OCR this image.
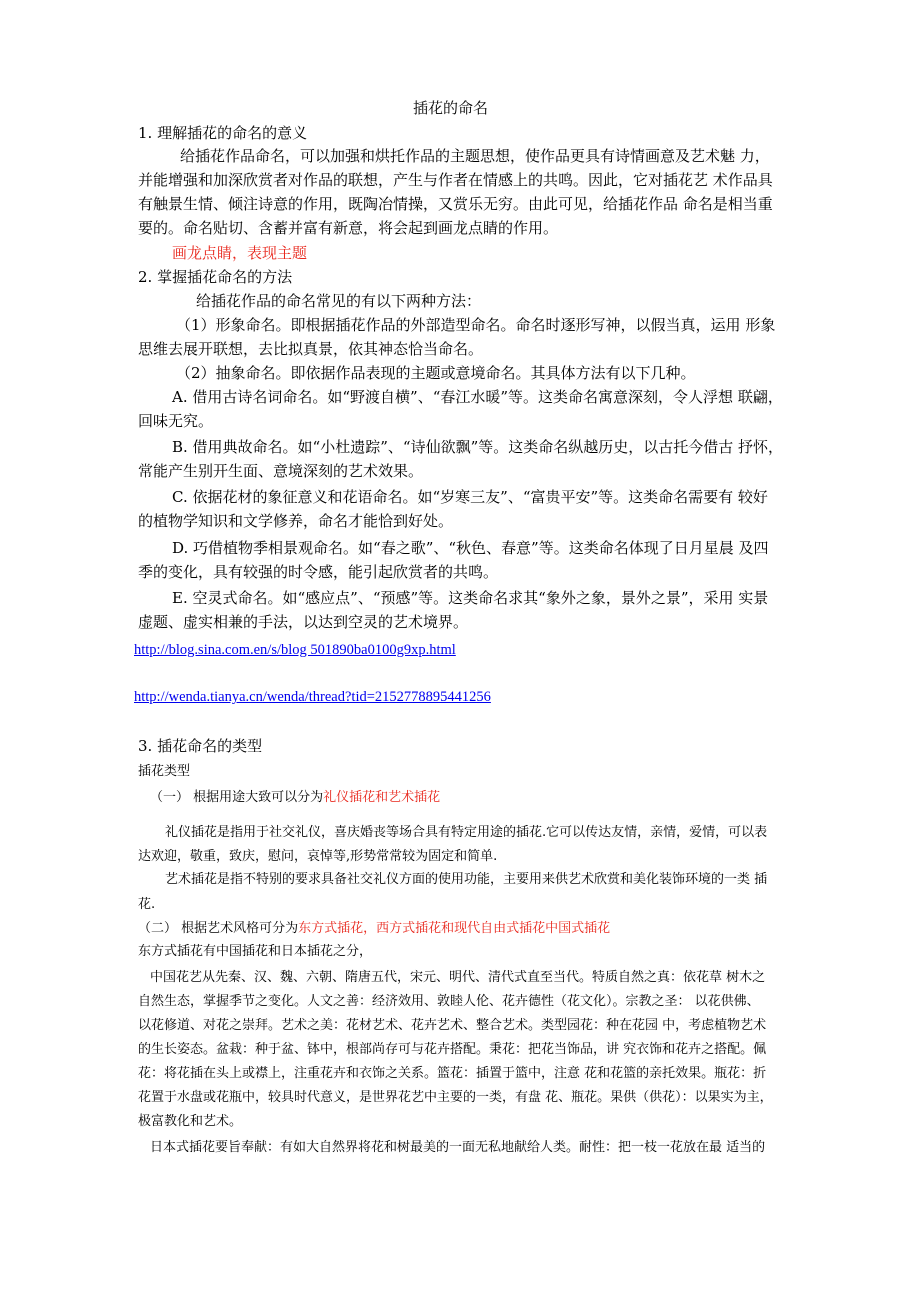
插花的命名
1. 理解插花的命名的意义
给插花作品命名，可以加强和烘托作品的主题思想，使作品更具有诗情画意及艺术魅 力，
并能增强和加深欣赏者对作品的联想，产生与作者在情感上的共鸣。因此，它对插花艺 术作品具
有触景生情、倾注诗意的作用，既陶冶情操，又赏乐无穷。由此可见，给插花作品 命名是相当重
要的。命名贴切、含蓄并富有新意，将会起到画龙点睛的作用。
画龙点睛，表现主题
2. 掌握插花命名的方法
给插花作品的命名常见的有以下两种方法：
（1）形象命名。即根据插花作品的外部造型命名。命名时逐形写神，以假当真，运用 形象
思维去展开联想，去比拟真景，依其神态恰当命名。
（2）抽象命名。即依据作品表现的主题或意境命名。其具体方法有以下几种。
A. 借用古诗名词命名。如“野渡自横”、“春江水暖”等。这类命名寓意深刻，令人浮想 联翩，
回味无究。
B. 借用典故命名。如“小杜遗踪”、“诗仙欲飘”等。这类命名纵越历史，以古托今借古 抒怀，
常能产生别开生面、意境深刻的艺术效果。
C. 依据花材的象征意义和花语命名。如“岁寒三友”、“富贵平安”等。这类命名需要有 较好
的植物学知识和文学修养，命名才能恰到好处。
D. 巧借植物季相景观命名。如“春之歌”、“秋色、春意”等。这类命名体现了日月星晨 及四
季的变化，具有较强的时令感，能引起欣赏者的共鸣。
E. 空灵式命名。如“感应点”、“预感”等。这类命名求其“象外之象，景外之景”，采用 实景
虚题、虚实相兼的手法，以达到空灵的艺术境界。
http://blog.sina.com.en/s/blog 501890ba0100g9xp.html
http://wenda.tianya.cn/wenda/thread?tid=2152778895441256
3. 插花命名的类型
插花类型
（一） 根据用途大致可以分为礼仪插花和艺术插花
礼仪插花是指用于社交礼仪，喜庆婚丧等场合具有特定用途的插花.它可以传达友情，亲情，爱情，可以表
达欢迎，敬重，致庆，慰问，哀悼等,形势常常较为固定和简单.
艺术插花是指不特别的要求具备社交礼仪方面的使用功能，主要用来供艺术欣赏和美化装饰环境的一类 插
花.
（二） 根据艺术风格可分为东方式插花，西方式插花和现代自由式插花中国式插花
东方式插花有中国插花和日本插花之分，
中国花艺从先秦、汉、魏、六朝、隋唐五代，宋元、明代、清代式直至当代。特质自然之真：依花草 树木之
自然生态，掌握季节之变化。人文之善：经济效用、敦睦人伦、花卉德性（花文化）。宗教之圣： 以花供佛、
以花修道、对花之崇拜。艺术之美：花材艺术、花卉艺术、整合艺术。类型园花：种在花园 中，考虑植物艺术
的生长姿态。盆栽：种于盆、钵中，根部尚存可与花卉搭配。秉花：把花当饰品，讲 究衣饰和花卉之搭配。佩
花：将花插在头上或襟上，注重花卉和衣饰之关系。篮花：插置于篮中，注意 花和花篮的亲托效果。瓶花：折
花置于水盘或花瓶中，较具时代意义，是世界花艺中主要的一类，有盘 花、瓶花。果供（供花）：以果实为主，
极富教化和艺术。
日本式插花要旨奉献：有如大自然界将花和树最美的一面无私地献给人类。耐性：把一枝一花放在最 适当的
